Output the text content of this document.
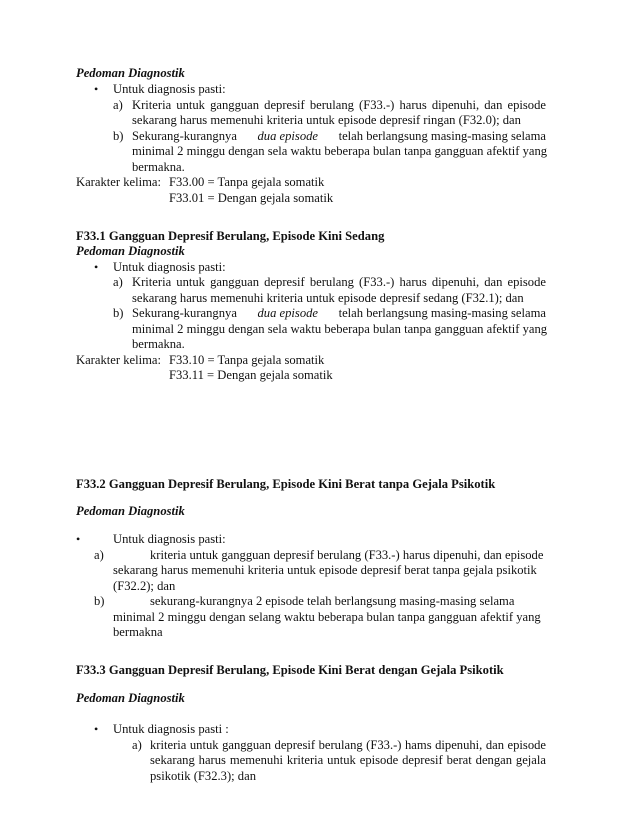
Pedoman Diagnostik
• Untuk diagnosis pasti:
a) Kriteria untuk gangguan depresif berulang (F33.-) harus dipenuhi, dan episode
sekarang harus memenuhi kriteria untuk episode depresif ringan (F32.0); dan
b) Sekurang-kurangnya dua episode telah berlangsung masing-masing selama
minimal 2 minggu dengan sela waktu beberapa bulan tanpa gangguan afektif yang
bermakna.
Karakter kelima: F33.00 = Tanpa gejala somatik
F33.01 = Dengan gejala somatik
F33.1 Gangguan Depresif Berulang, Episode Kini Sedang
Pedoman Diagnostik
• Untuk diagnosis pasti:
a) Kriteria untuk gangguan depresif berulang (F33.-) harus dipenuhi, dan episode
sekarang harus memenuhi kriteria untuk episode depresif sedang (F32.1); dan
b) Sekurang-kurangnya dua episode telah berlangsung masing-masing selama
minimal 2 minggu dengan sela waktu beberapa bulan tanpa gangguan afektif yang
bermakna.
Karakter kelima: F33.10 = Tanpa gejala somatik
F33.11 = Dengan gejala somatik
F33.2 Gangguan Depresif Berulang, Episode Kini Berat tanpa Gejala Psikotik
Pedoman Diagnostik
•	Untuk diagnosis pasti:
a)	kriteria untuk gangguan depresif berulang (F33.-) harus dipenuhi, dan episode
sekarang harus memenuhi kriteria untuk episode depresif berat tanpa gejala psikotik
(F32.2); dan
b)	sekurang-kurangnya 2 episode telah berlangsung masing-masing selama
minimal 2 minggu dengan selang waktu beberapa bulan tanpa gangguan afektif yang
bermakna
F33.3 Gangguan Depresif Berulang, Episode Kini Berat dengan Gejala Psikotik
Pedoman Diagnostik
• Untuk diagnosis pasti :
a) kriteria untuk gangguan depresif berulang (F33.-) hams dipenuhi, dan episode
sekarang harus memenuhi kriteria untuk episode depresif berat dengan gejala
psikotik (F32.3); dan
